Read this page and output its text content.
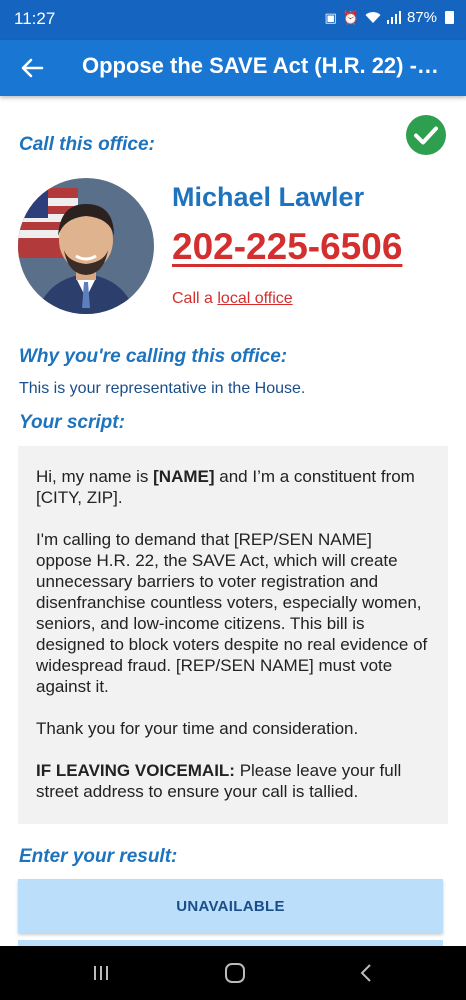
11:27	▣ ⏰	87%
Oppose the SAVE Act (H.R. 22) -…
Call this office:
Michael Lawler
202-225-6506
Call a local office
Why you're calling this office:
This is your representative in the House.
Your script:

Hi, my name is [NAME] and I’m a constituent from [CITY, ZIP].

I'm calling to demand that [REP/SEN NAME] oppose H.R. 22, the SAVE Act, which will create unnecessary barriers to voter registration and disenfranchise countless voters, especially women, seniors, and low-income citizens. This bill is designed to block voters despite no real evidence of widespread fraud. [REP/SEN NAME] must vote against it.

Thank you for your time and consideration.

IF LEAVING VOICEMAIL: Please leave your full street address to ensure your call is tallied.

Enter your result:
UNAVAILABLE
